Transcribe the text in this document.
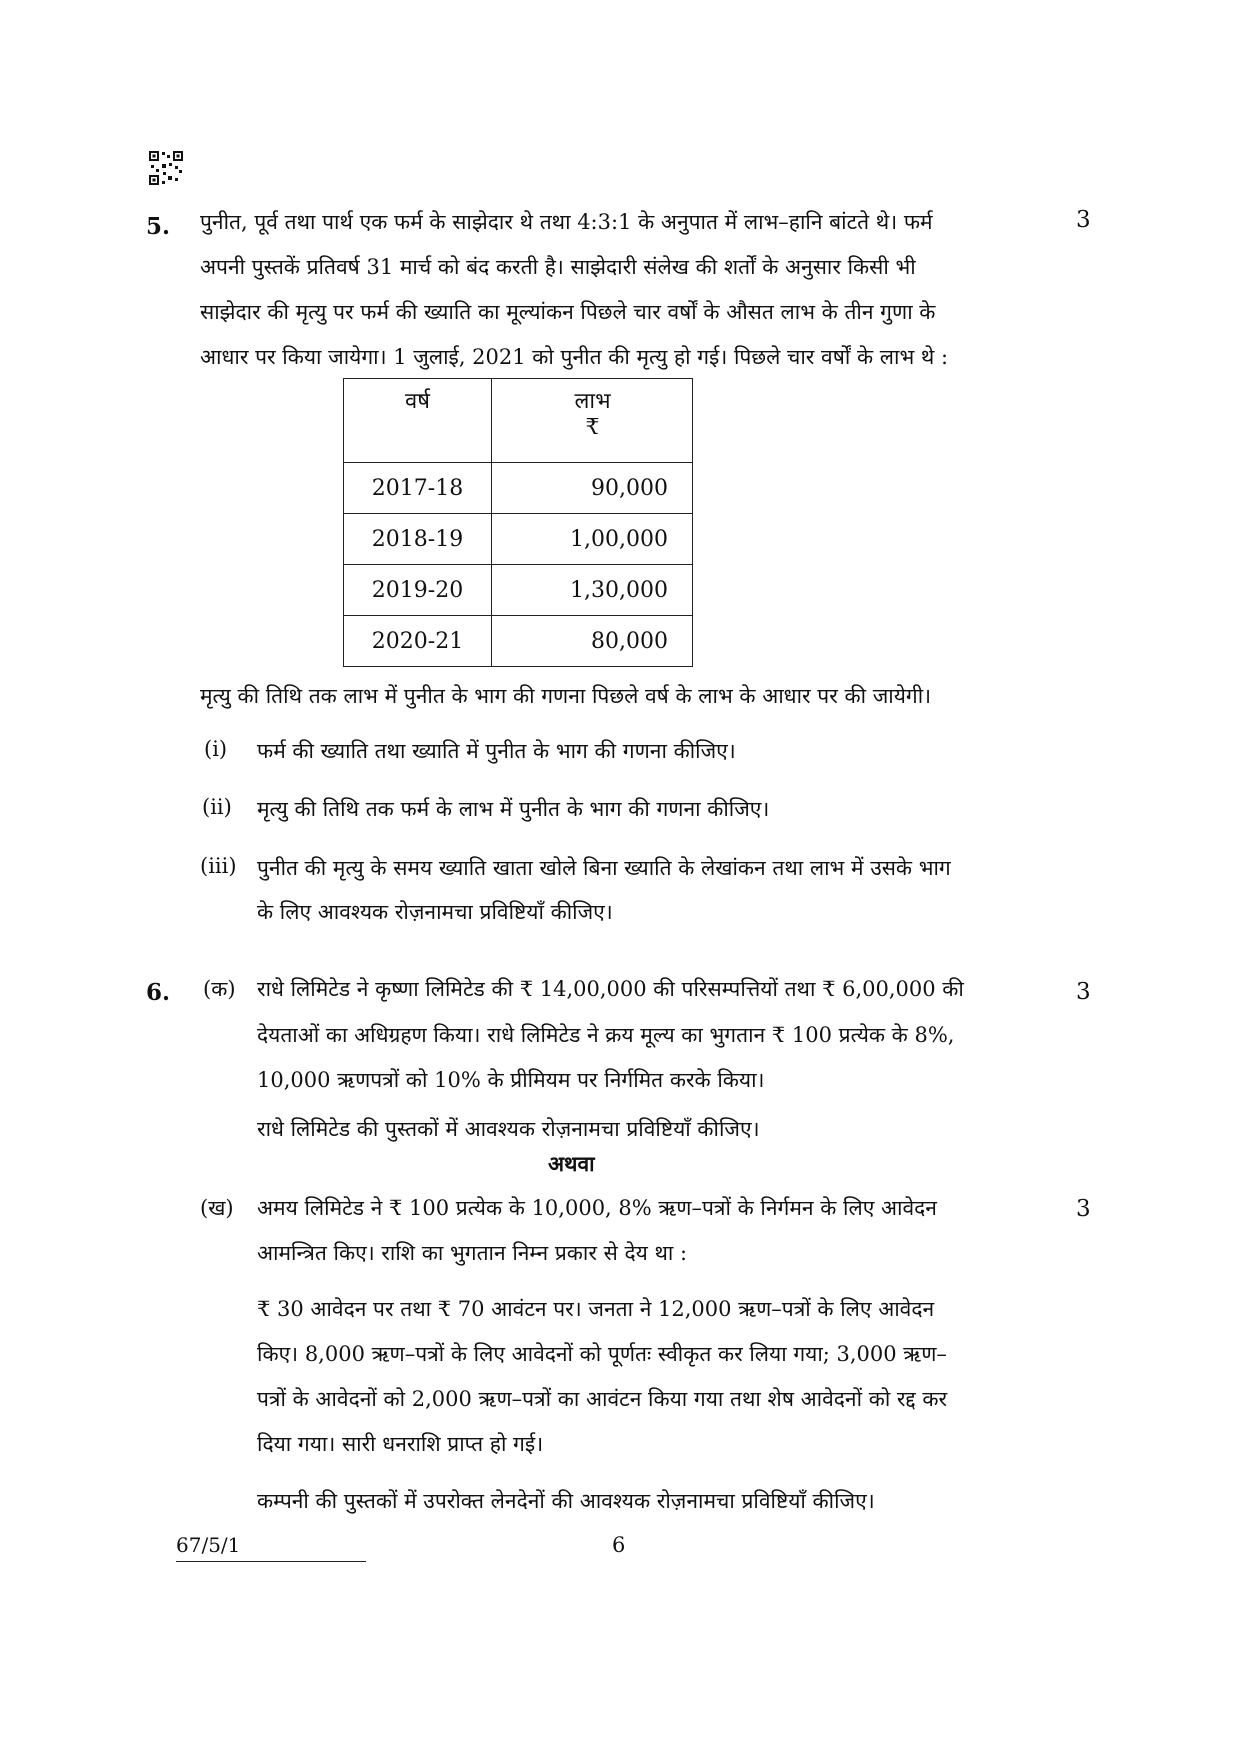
5.	3
पुनीत, पूर्व तथा पार्थ एक फर्म के साझेदार थे तथा 4:3:1 के अनुपात में लाभ–हानि बांटते थे। फर्म
अपनी पुस्तकें प्रतिवर्ष 31 मार्च को बंद करती है। साझेदारी संलेख की शर्तों के अनुसार किसी भी
साझेदार की मृत्यु पर फर्म की ख्याति का मूल्यांकन पिछले चार वर्षों के औसत लाभ के तीन गुणा के
आधार पर किया जायेगा। 1 जुलाई, 2021 को पुनीत की मृत्यु हो गई। पिछले चार वर्षों के लाभ थे :
वर्ष	लाभ
₹

2017-18	90,000
2018-19	1,00,000
2019-20	1,30,000
2020-21	80,000
मृत्यु की तिथि तक लाभ में पुनीत के भाग की गणना पिछले वर्ष के लाभ के आधार पर की जायेगी।
(i) फर्म की ख्याति तथा ख्याति में पुनीत के भाग की गणना कीजिए।
(ii) मृत्यु की तिथि तक फर्म के लाभ में पुनीत के भाग की गणना कीजिए।
(iii) पुनीत की मृत्यु के समय ख्याति खाता खोले बिना ख्याति के लेखांकन तथा लाभ में उसके भाग
के लिए आवश्यक रोज़नामचा प्रविष्टियाँ कीजिए।
6. (क)	3
राधे लिमिटेड ने कृष्णा लिमिटेड की ₹ 14,00,000 की परिसम्पत्तियों तथा ₹ 6,00,000 की
देयताओं का अधिग्रहण किया। राधे लिमिटेड ने क्रय मूल्य का भुगतान ₹ 100 प्रत्येक के 8%,
10,000 ऋणपत्रों को 10% के प्रीमियम पर निर्गमित करके किया।
राधे लिमिटेड की पुस्तकों में आवश्यक रोज़नामचा प्रविष्टियाँ कीजिए।
अथवा
(ख)	3
अमय लिमिटेड ने ₹ 100 प्रत्येक के 10,000, 8% ऋण–पत्रों के निर्गमन के लिए आवेदन
आमन्त्रित किए। राशि का भुगतान निम्न प्रकार से देय था :
₹ 30 आवेदन पर तथा ₹ 70 आवंटन पर। जनता ने 12,000 ऋण–पत्रों के लिए आवेदन
किए। 8,000 ऋण–पत्रों के लिए आवेदनों को पूर्णतः स्वीकृत कर लिया गया; 3,000 ऋण–
पत्रों के आवेदनों को 2,000 ऋण–पत्रों का आवंटन किया गया तथा शेष आवेदनों को रद्द कर
दिया गया। सारी धनराशि प्राप्त हो गई।
कम्पनी की पुस्तकों में उपरोक्त लेनदेनों की आवश्यक रोज़नामचा प्रविष्टियाँ कीजिए।
67/5/1	6
